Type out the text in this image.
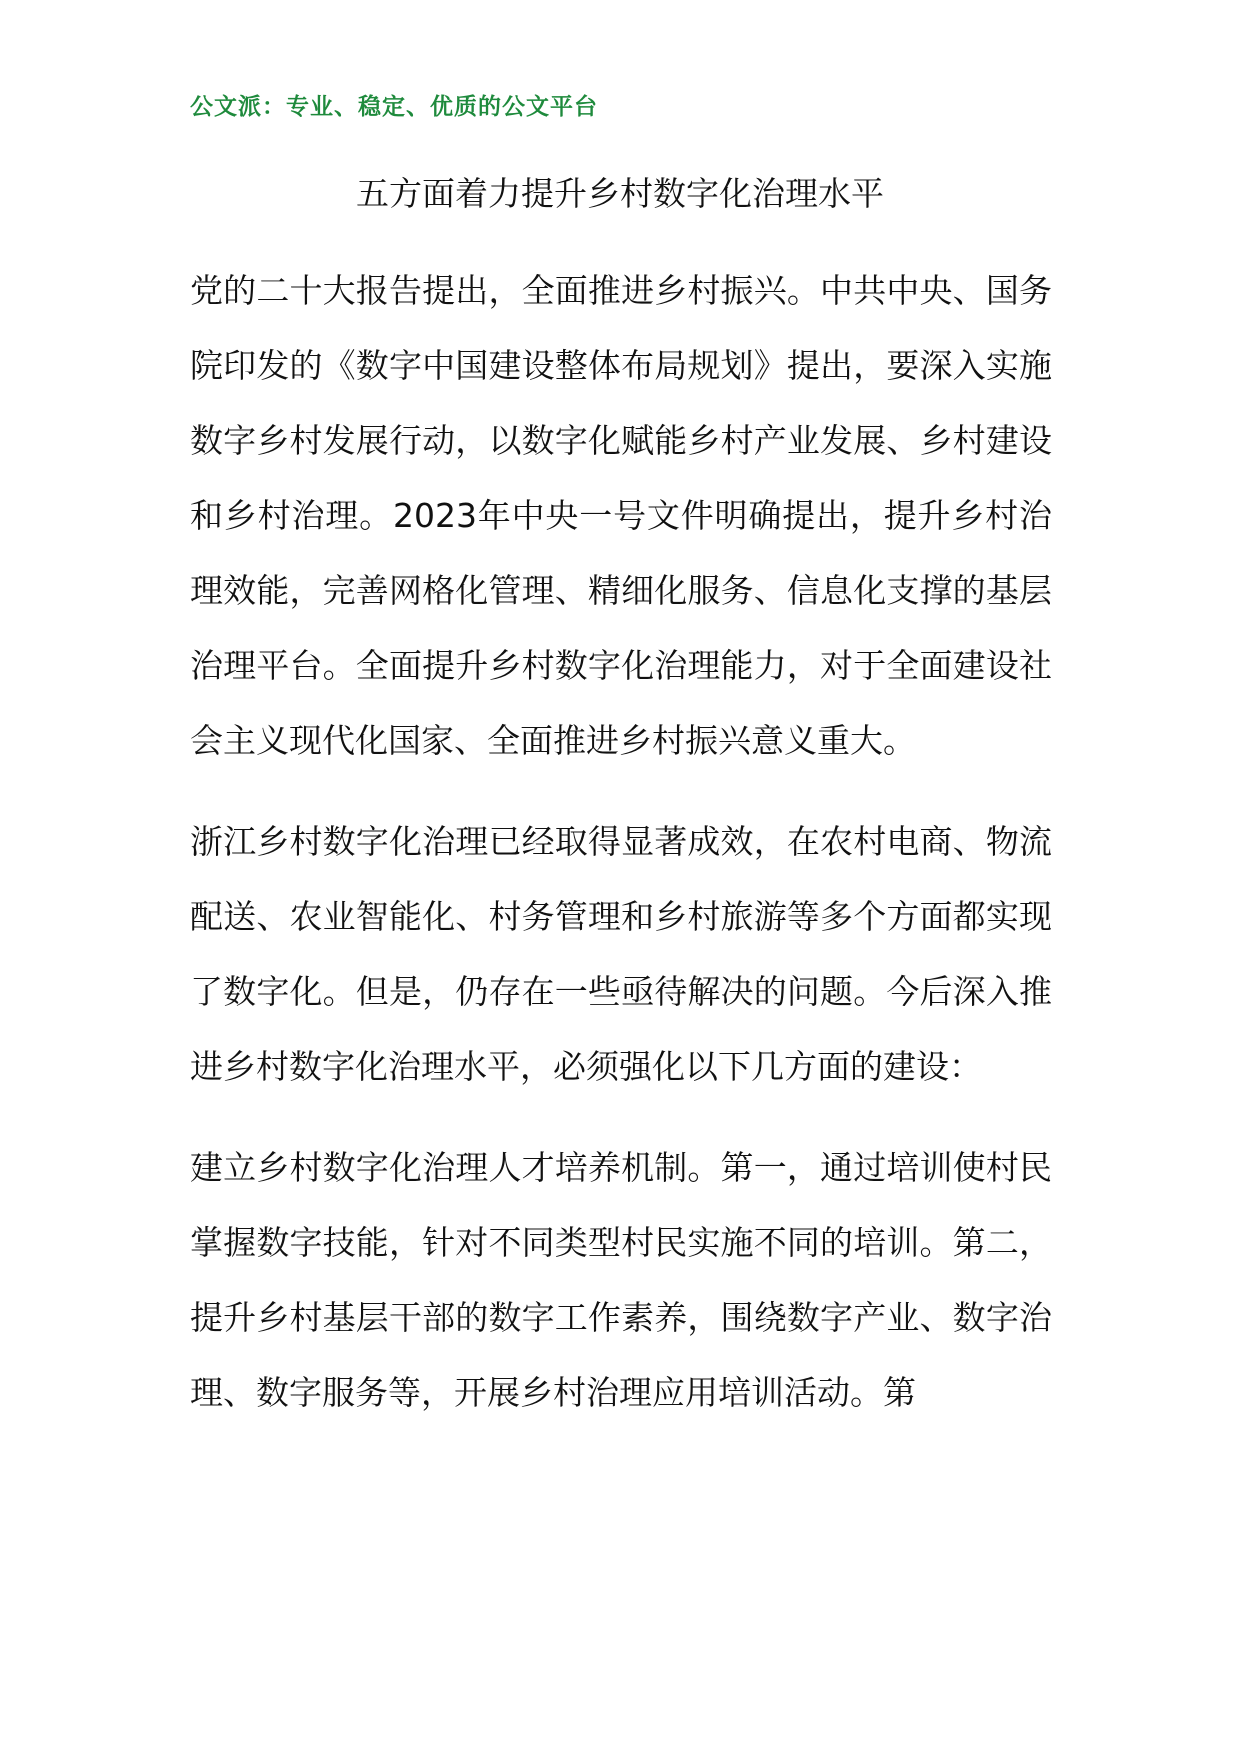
公文派：专业、稳定、优质的公文平台
五方面着力提升乡村数字化治理水平

党的二十大报告提出，全面推进乡村振兴。中共中央、国务院印发的《数字中国建设整体布局规划》提出，要深入实施数字乡村发展行动，以数字化赋能乡村产业发展、乡村建设和乡村治理。2023年中央一号文件明确提出，提升乡村治理效能，完善网格化管理、精细化服务、信息化支撑的基层治理平台。全面提升乡村数字化治理能力，对于全面建设社会主义现代化国家、全面推进乡村振兴意义重大。

浙江乡村数字化治理已经取得显著成效，在农村电商、物流配送、农业智能化、村务管理和乡村旅游等多个方面都实现了数字化。但是，仍存在一些亟待解决的问题。今后深入推进乡村数字化治理水平，必须强化以下几方面的建设：

建立乡村数字化治理人才培养机制。第一，通过培训使村民掌握数字技能，针对不同类型村民实施不同的培训。第二，提升乡村基层干部的数字工作素养，围绕数字产业、数字治理、数字服务等，开展乡村治理应用培训活动。第
